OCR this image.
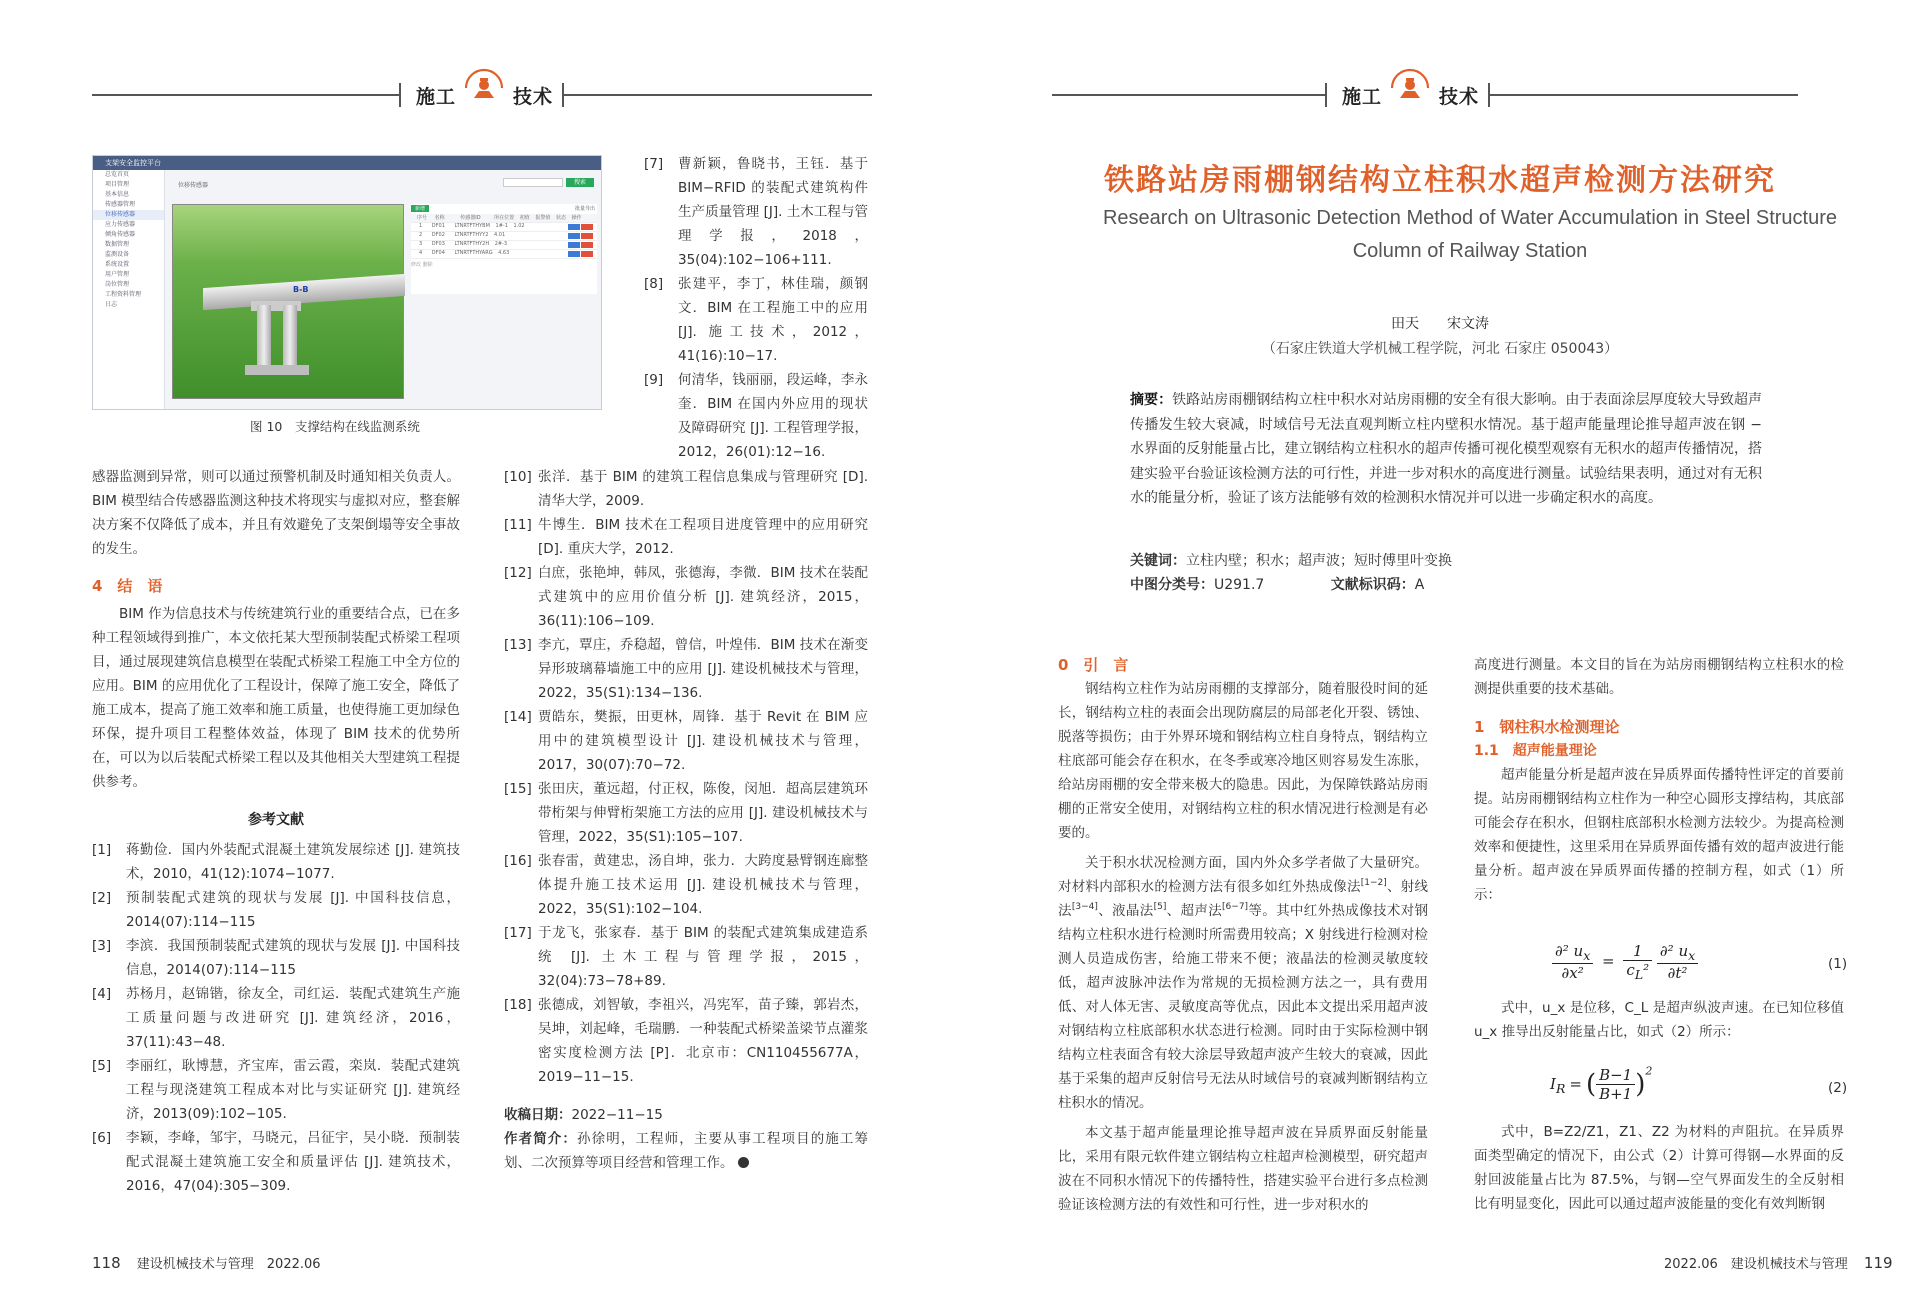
施工	技术
支架安全监控平台
总览首页
项目管理
基本信息
传感器管理
位移传感器
应力传感器
倾角传感器
数据管理
监测设备
系统设置
用户管理
岗位管理
工程资料管理
日志
位移传感器	搜索
B-B
新增	批量导出
序号 名称	传感器ID	所在位置 初值 报警值 状态 操作
1 DF01 LTNRTFTHYBM 1#-1 1.02
2 DF02 LTNRTFTHYY2 4.01
3 DF03 LTNRTFTHY2H 2#-3
4 DF04 LTNRTFTHYARG 4.63
修改 删除
图 10　支撑结构在线监测系统

感器监测到异常，则可以通过预警机制及时通知相关负责人。BIM 模型结合传感器监测这种技术将现实与虚拟对应，整套解决方案不仅降低了成本，并且有效避免了支架倒塌等安全事故的发生。

4　结　语

BIM 作为信息技术与传统建筑行业的重要结合点，已在多种工程领域得到推广，本文依托某大型预制装配式桥梁工程项目，通过展现建筑信息模型在装配式桥梁工程施工中全方位的应用。BIM 的应用优化了工程设计，保障了施工安全，降低了施工成本，提高了施工效率和施工质量，也使得施工更加绿色环保，提升项目工程整体效益，体现了 BIM 技术的优势所在，可以为以后装配式桥梁工程以及其他相关大型建筑工程提供参考。

参考文献

[1] 蒋勤俭．国内外装配式混凝土建筑发展综述 [J]. 建筑技术，2010，41(12):1074−1077.
[2] 预制装配式建筑的现状与发展 [J]. 中国科技信息，2014(07):114−115
[3] 李滨．我国预制装配式建筑的现状与发展 [J]. 中国科技信息，2014(07):114−115
[4] 苏杨月，赵锦锴，徐友全，司红运．装配式建筑生产施工质量问题与改进研究 [J]. 建筑经济，2016，37(11):43−48.
[5] 李丽红，耿博慧，齐宝库，雷云霞，栾岚．装配式建筑工程与现浇建筑工程成本对比与实证研究 [J]. 建筑经济，2013(09):102−105.
[6] 李颖，李峰，邹宇，马晓元，吕征宇，吴小晓．预制装配式混凝土建筑施工安全和质量评估 [J]. 建筑技术，2016，47(04):305−309.
[7] 曹新颖，鲁晓书，王钰．基于 BIM−RFID 的装配式建筑构件生产质量管理 [J]. 土木工程与管理学报，2018，35(04):102−106+111.
[8] 张建平，李丁，林佳瑞，颜钢文．BIM 在工程施工中的应用 [J]. 施工技术，2012，41(16):10−17.
[9] 何清华，钱丽丽，段运峰，李永奎．BIM 在国内外应用的现状及障碍研究 [J]. 工程管理学报，2012，26(01):12−16.
[10] 张洋．基于 BIM 的建筑工程信息集成与管理研究 [D]. 清华大学，2009.
[11] 牛博生．BIM 技术在工程项目进度管理中的应用研究 [D]. 重庆大学，2012.
[12] 白庶，张艳坤，韩凤，张德海，李微．BIM 技术在装配式建筑中的应用价值分析 [J]. 建筑经济，2015，36(11):106−109.
[13] 李亢，覃庄，乔稳超，曾信，叶煌伟．BIM 技术在渐变异形玻璃幕墙施工中的应用 [J]. 建设机械技术与管理，2022，35(S1):134−136.
[14] 贾皓东，樊振，田更林，周锋．基于 Revit 在 BIM 应用中的建筑模型设计 [J]. 建设机械技术与管理，2017，30(07):70−72.
[15] 张田庆，董远超，付正权，陈俊，闵旭．超高层建筑环带桁架与伸臂桁架施工方法的应用 [J]. 建设机械技术与管理，2022，35(S1):105−107.
[16] 张春雷，黄建忠，汤自坤，张力．大跨度悬臂钢连廊整体提升施工技术运用 [J]. 建设机械技术与管理，2022，35(S1):102−104.
[17] 于龙飞，张家春．基于 BIM 的装配式建筑集成建造系统 [J]. 土木工程与管理学报，2015，32(04):73−78+89.
[18] 张德成，刘智敏，李祖兴，冯宪军，苗子臻，郭岩杰，吴坤，刘起峰，毛瑞鹏．一种装配式桥梁盖梁节点灌浆密实度检测方法 [P]．北京市：CN110455677A，2019−11−15.

收稿日期：2022−11−15

作者简介：孙徐明，工程师，主要从事工程项目的施工筹划、二次预算等项目经营和管理工作。

118 建设机械技术与管理　2022.06
施工	技术
铁路站房雨棚钢结构立柱积水超声检测方法研究
Research on Ultrasonic Detection Method of Water Accumulation in Steel Structure Column of Railway Station
田天　　宋文涛
（石家庄铁道大学机械工程学院，河北 石家庄 050043）
摘要：铁路站房雨棚钢结构立柱中积水对站房雨棚的安全有很大影响。由于表面涂层厚度较大导致超声传播发生较大衰减，时域信号无法直观判断立柱内壁积水情况。基于超声能量理论推导超声波在钢 − 水界面的反射能量占比，建立钢结构立柱积水的超声传播可视化模型观察有无积水的超声传播情况，搭建实验平台验证该检测方法的可行性，并进一步对积水的高度进行测量。试验结果表明，通过对有无积水的能量分析，验证了该方法能够有效的检测积水情况并可以进一步确定积水的高度。
关键词：立柱内壁；积水；超声波；短时傅里叶变换
中图分类号：U291.7	文献标识码：A

0　引　言

钢结构立柱作为站房雨棚的支撑部分，随着服役时间的延长，钢结构立柱的表面会出现防腐层的局部老化开裂、锈蚀、脱落等损伤；由于外界环境和钢结构立柱自身特点，钢结构立柱底部可能会存在积水，在冬季或寒冷地区则容易发生冻胀，给站房雨棚的安全带来极大的隐患。因此，为保障铁路站房雨棚的正常安全使用，对钢结构立柱的积水情况进行检测是有必要的。

关于积水状况检测方面，国内外众多学者做了大量研究。对材料内部积水的检测方法有很多如红外热成像法[1−2]、射线法[3−4]、液晶法[5]、超声法[6−7]等。其中红外热成像技术对钢结构立柱积水进行检测时所需费用较高；X 射线进行检测对检测人员造成伤害，给施工带来不便；液晶法的检测灵敏度较低，超声波脉冲法作为常规的无损检测方法之一，具有费用低、对人体无害、灵敏度高等优点，因此本文提出采用超声波对钢结构立柱底部积水状态进行检测。同时由于实际检测中钢结构立柱表面含有较大涂层导致超声波产生较大的衰减，因此基于采集的超声反射信号无法从时域信号的衰减判断钢结构立柱积水的情况。

本文基于超声能量理论推导超声波在异质界面反射能量比，采用有限元软件建立钢结构立柱超声检测模型，研究超声波在不同积水情况下的传播特性，搭建实验平台进行多点检测验证该检测方法的有效性和可行性，进一步对积水的

高度进行测量。本文目的旨在为站房雨棚钢结构立柱积水的检测提供重要的技术基础。

1　钢柱积水检测理论

1.1　超声能量理论

超声能量分析是超声波在异质界面传播特性评定的首要前提。站房雨棚钢结构立柱作为一种空心圆形支撑结构，其底部可能会存在积水，但钢柱底部积水检测方法较少。为提高检测效率和便捷性，这里采用在异质界面传播有效的超声波进行能量分析。超声波在异质界面传播的控制方程，如式（1）所示：

$\frac{\partial^2 u_x}{\text{∂x²}} = \frac{1}{c_L^2}$
$\frac{\partial^2 u_x}{\text{∂t²}}$	(1)

式中，u_x 是位移，C_L 是超声纵波声速。在已知位移值 u_x 推导出反射能量占比，如式（2）所示：

$I_R$ = ( $\frac{B-1}{B+1} )^2$
(2)

式中，B=Z2/Z1，Z1、Z2 为材料的声阻抗。在异质界面类型确定的情况下，由公式（2）计算可得钢—水界面的反射回波能量占比为 87.5%，与钢—空气界面发生的全反射相比有明显变化，因此可以通过超声波能量的变化有效判断钢

2022.06　建设机械技术与管理 119
